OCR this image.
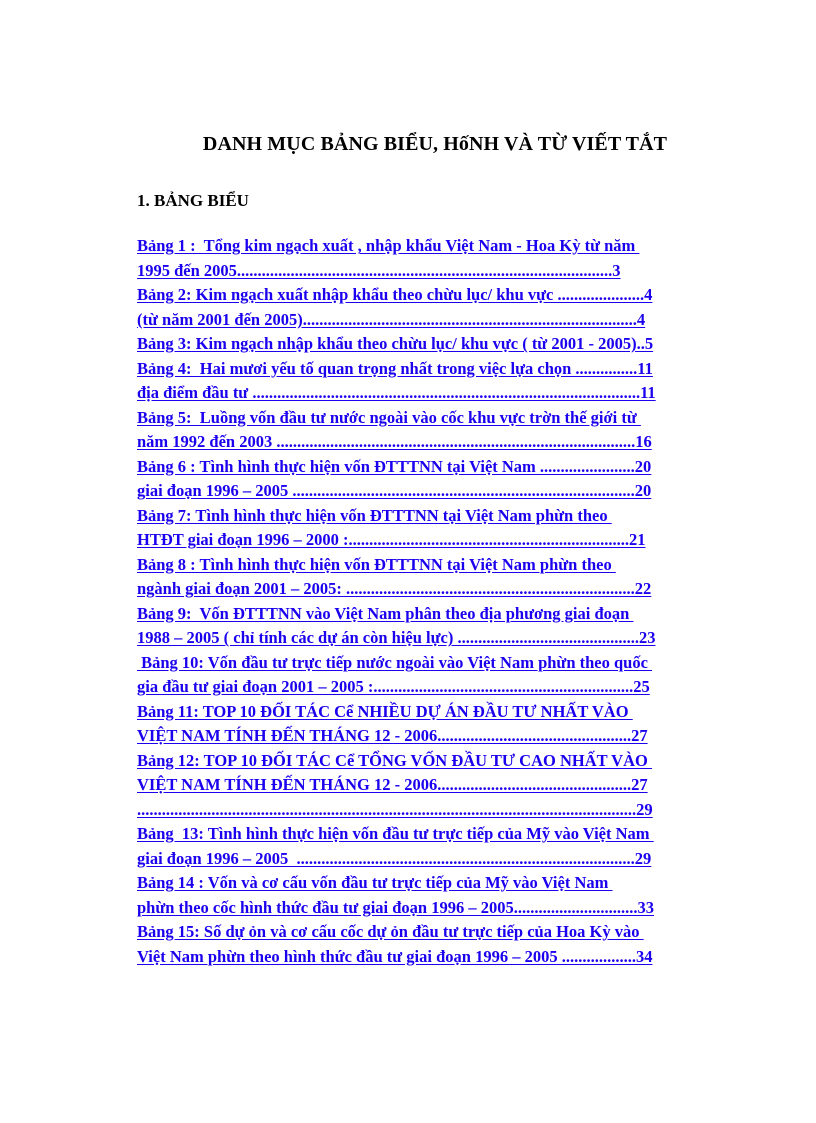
DANH MỤC BẢNG BIỂU, HốNH VÀ TỪ VIẾT TẮT
1. BẢNG BIỂU
Bảng 1 :  Tổng kim ngạch xuất , nhập khẩu Việt Nam - Hoa Kỳ từ năm
1995 đến 2005...........................................................................................3
Bảng 2: Kim ngạch xuất nhập khẩu theo chừu lục/ khu vực .....................4
(từ năm 2001 đến 2005).................................................................................4
Bảng 3: Kim ngạch nhập khẩu theo chừu lục/ khu vực ( từ 2001 - 2005)..5
Bảng 4:  Hai mươi yếu tố quan trọng nhất trong việc lựa chọn ...............11
địa điểm đầu tư ..............................................................................................11
Bảng 5:  Luồng vốn đầu tư nước ngoài vào cốc khu vực trờn thế giới từ
năm 1992 đến 2003 .......................................................................................16
Bảng 6 : Tình hình thực hiện vốn ĐTTTNN tại Việt Nam .......................20
giai đoạn 1996 – 2005 ...................................................................................20
Bảng 7: Tình hình thực hiện vốn ĐTTTNN tại Việt Nam phừn theo
HTĐT giai đoạn 1996 – 2000 :....................................................................21
Bảng 8 : Tình hình thực hiện vốn ĐTTTNN tại Việt Nam phừn theo
ngành giai đoạn 2001 – 2005: ......................................................................22
Bảng 9:  Vốn ĐTTTNN vào Việt Nam phân theo địa phương giai đoạn
1988 – 2005 ( chỉ tính các dự án còn hiệu lực) ............................................23
Bảng 10: Vốn đầu tư trực tiếp nước ngoài vào Việt Nam phừn theo quốc
gia đầu tư giai đoạn 2001 – 2005 :...............................................................25
Bảng 11: TOP 10 ĐỐI TÁC Cể NHIỀU DỰ ÁN ĐẦU TƯ NHẤT VÀO
VIỆT NAM TÍNH ĐẾN THÁNG 12 - 2006...............................................27
Bảng 12: TOP 10 ĐỐI TÁC Cể TỔNG VỐN ĐẦU TƯ CAO NHẤT VÀO
VIỆT NAM TÍNH ĐẾN THÁNG 12 - 2006...............................................27
.........................................................................................................................29
Bảng  13: Tình hình thực hiện vốn đầu tư trực tiếp của Mỹ vào Việt Nam
giai đoạn 1996 – 2005  ..................................................................................29
Bảng 14 : Vốn và cơ cấu vốn đầu tư trực tiếp của Mỹ vào Việt Nam
phừn theo cốc hình thức đầu tư giai đoạn 1996 – 2005..............................33
Bảng 15: Số dự ỏn và cơ cấu cốc dự ỏn đầu tư trực tiếp của Hoa Kỳ vào
Việt Nam phừn theo hình thức đầu tư giai đoạn 1996 – 2005 ..................34
